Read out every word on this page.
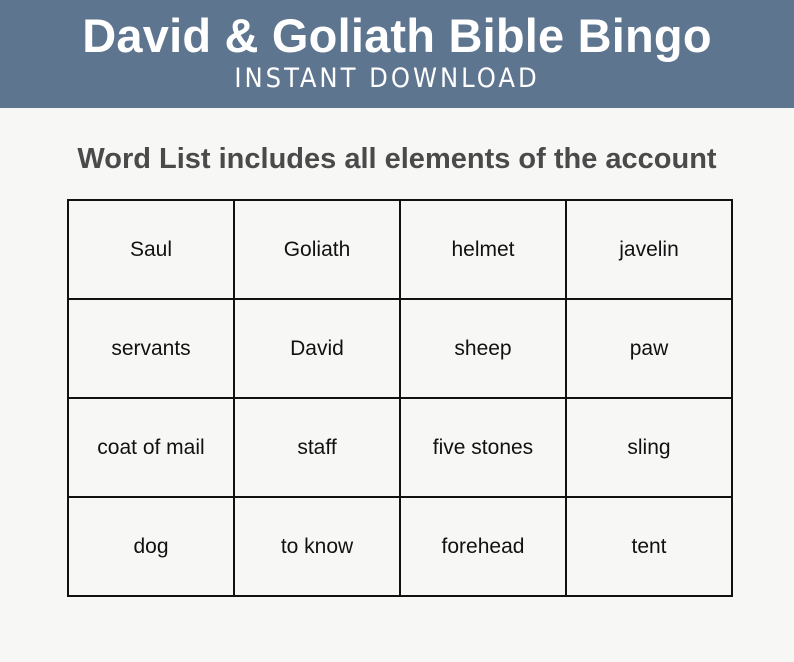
David & Goliath Bible Bingo
INSTANT DOWNLOAD
Word List includes all elements of the account
Saul	Goliath	helmet	javelin
servants	David	sheep	paw
coat of mail	staff	five stones	sling
dog	to know	forehead	tent
